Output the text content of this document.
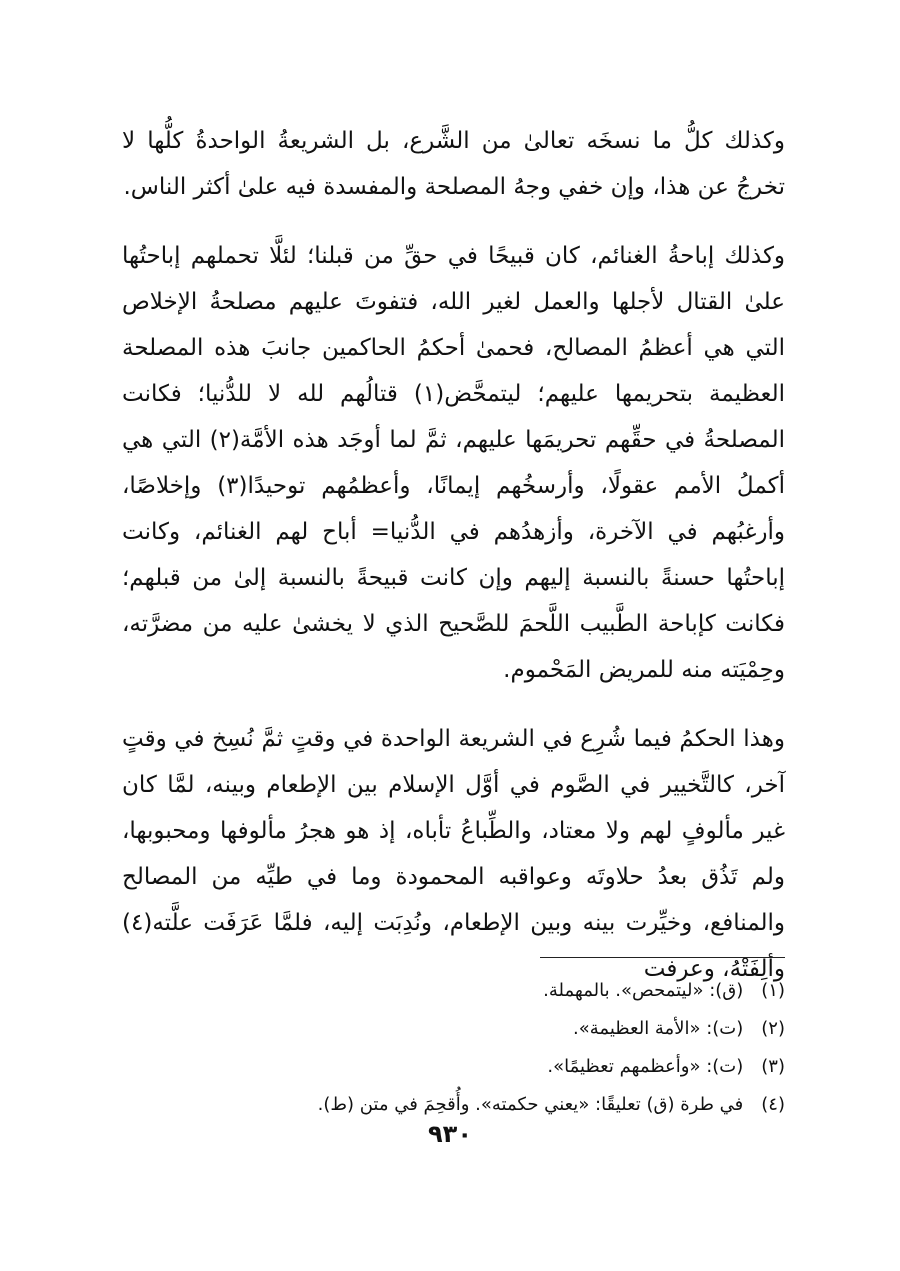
وكذلك كلُّ ما نسخَه تعالىٰ من الشَّرع، بل الشريعةُ الواحدةُ كلُّها لا تخرجُ عن هذا، وإن خفي وجهُ المصلحة والمفسدة فيه علىٰ أكثر الناس.

وكذلك إباحةُ الغنائم، كان قبيحًا في حقِّ من قبلنا؛ لئلَّا تحملهم إباحتُها علىٰ القتال لأجلها والعمل لغير الله، فتفوتَ عليهم مصلحةُ الإخلاص التي هي أعظمُ المصالح، فحمىٰ أحكمُ الحاكمين جانبَ هذه المصلحة العظيمة بتحريمها عليهم؛ ليتمحَّض(١) قتالُهم لله لا للدُّنيا؛ فكانت المصلحةُ في حقِّهم تحريمَها عليهم، ثمَّ لما أوجَد هذه الأمَّة(٢) التي هي أكملُ الأمم عقولًا، وأرسخُهم إيمانًا، وأعظمُهم توحيدًا(٣) وإخلاصًا، وأرغبُهم في الآخرة، وأزهدُهم في الدُّنيا= أباح لهم الغنائم، وكانت إباحتُها حسنةً بالنسبة إليهم وإن كانت قبيحةً بالنسبة إلىٰ من قبلهم؛ فكانت كإباحة الطَّبيب اللَّحمَ للصَّحيح الذي لا يخشىٰ عليه من مضرَّته، وحِمْيَته منه للمريض المَحْموم.

وهذا الحكمُ فيما شُرِع في الشريعة الواحدة في وقتٍ ثمَّ نُسِخ في وقتٍ آخر، كالتَّخيير في الصَّوم في أوَّل الإسلام بين الإطعام وبينه، لمَّا كان غير مألوفٍ لهم ولا معتاد، والطِّباعُ تأباه، إذ هو هجرُ مألوفها ومحبوبها، ولم تَذُق بعدُ حلاوتَه وعواقبه المحمودة وما في طيِّه من المصالح والمنافع، وخيِّرت بينه وبين الإطعام، ونُدِبَت إليه، فلمَّا عَرَفَت علَّته(٤) وألِفَتْهُ، وعرفت

(١) (ق): «ليتمحص». بالمهملة.
(٢) (ت): «الأمة العظيمة».
(٣) (ت): «وأعظمهم تعظيمًا».
(٤) في طرة (ق) تعليقًا: «يعني حكمته». وأُقحِمَ في متن (ط).
٩٣٠
